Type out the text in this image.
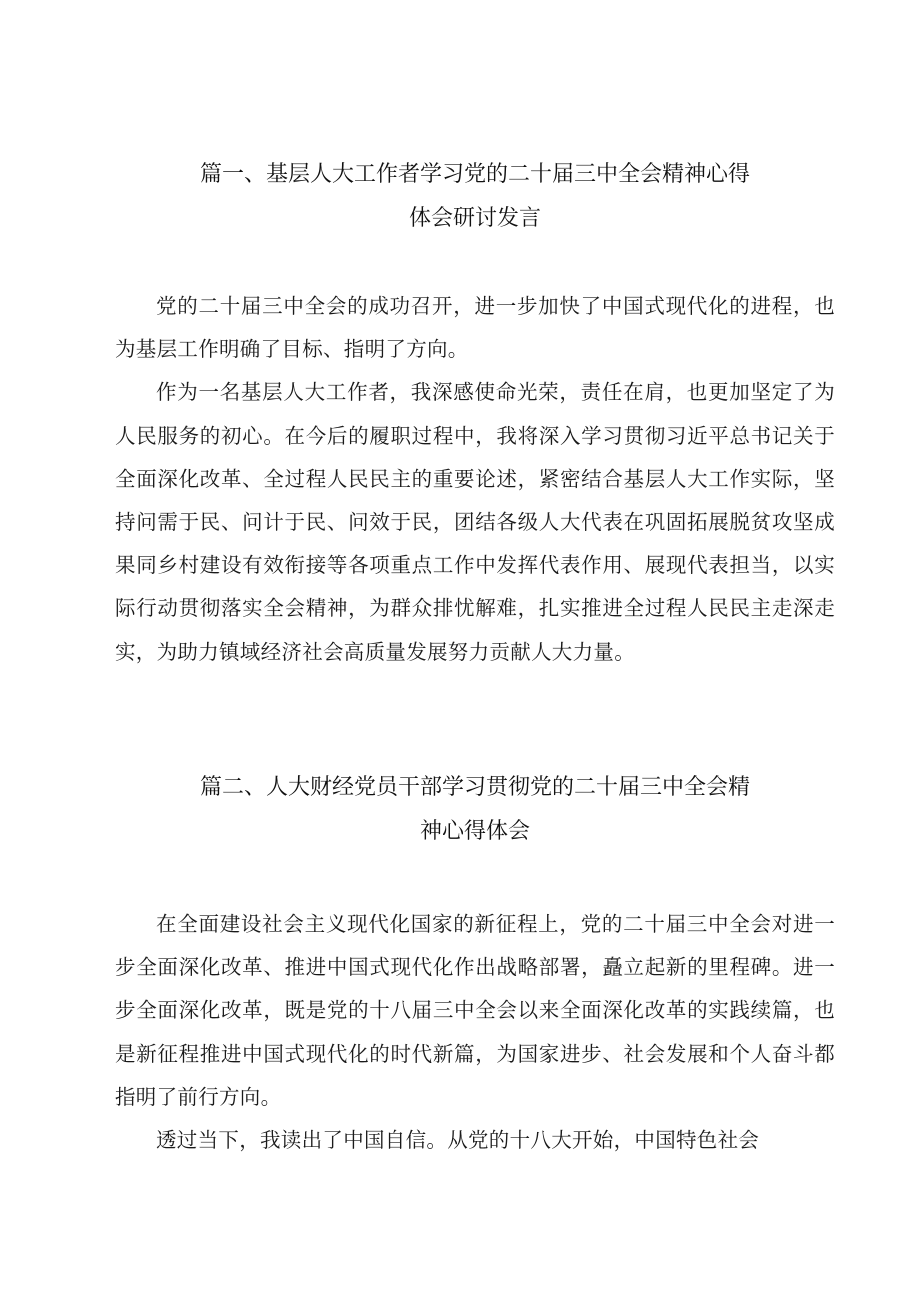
篇一、基层人大工作者学习党的二十届三中全会精神心得
体会研讨发言

党的二十届三中全会的成功召开，进一步加快了中国式现代化的进程，也为基层工作明确了目标、指明了方向。

作为一名基层人大工作者，我深感使命光荣，责任在肩，也更加坚定了为人民服务的初心。在今后的履职过程中，我将深入学习贯彻习近平总书记关于全面深化改革、全过程人民民主的重要论述，紧密结合基层人大工作实际，坚持问需于民、问计于民、问效于民，团结各级人大代表在巩固拓展脱贫攻坚成果同乡村建设有效衔接等各项重点工作中发挥代表作用、展现代表担当，以实际行动贯彻落实全会精神，为群众排忧解难，扎实推进全过程人民民主走深走实，为助力镇域经济社会高质量发展努力贡献人大力量。

篇二、人大财经党员干部学习贯彻党的二十届三中全会精
神心得体会

在全面建设社会主义现代化国家的新征程上，党的二十届三中全会对进一步全面深化改革、推进中国式现代化作出战略部署，矗立起新的里程碑。进一步全面深化改革，既是党的十八届三中全会以来全面深化改革的实践续篇，也是新征程推进中国式现代化的时代新篇，为国家进步、社会发展和个人奋斗都指明了前行方向。

透过当下，我读出了中国自信。从党的十八大开始，中国特色社会
